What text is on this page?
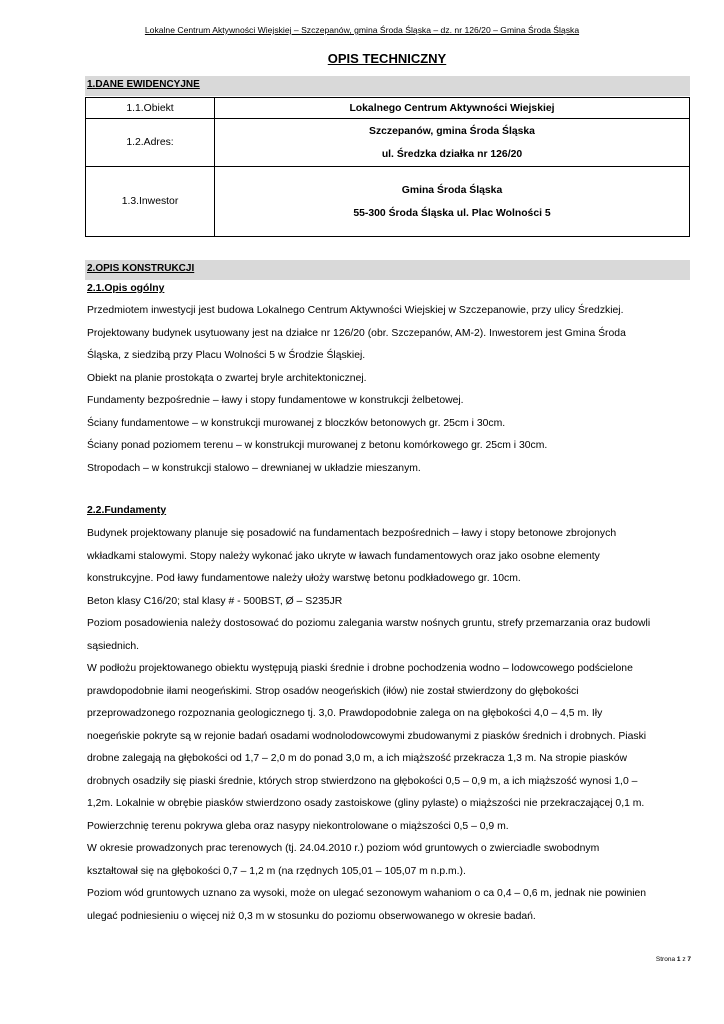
Lokalne Centrum Aktywności Wiejskiej – Szczepanów, gmina Środa Śląska – dz. nr 126/20 – Gmina Środa Śląska
OPIS TECHNICZNY
1.DANE EWIDENCYJNE
1.1.Obiekt	Lokalnego Centrum Aktywności Wiejskiej

1.2.Adres:	Szczepanów, gmina Środa Śląska
ul. Średzka działka nr 126/20

1.3.Inwestor	Gmina Środa Śląska
55-300 Środa Śląska ul. Plac Wolności 5
2.OPIS KONSTRUKCJI
2.1.Opis ogólny

Przedmiotem inwestycji jest budowa Lokalnego Centrum Aktywności Wiejskiej w Szczepanowie, przy ulicy Średzkiej.

Projektowany budynek usytuowany jest na działce nr 126/20 (obr. Szczepanów, AM-2). Inwestorem jest Gmina Środa

Śląska, z siedzibą przy Placu Wolności 5 w Środzie Śląskiej.

Obiekt na planie prostokąta o zwartej bryle architektonicznej.

Fundamenty bezpośrednie – ławy i stopy fundamentowe w konstrukcji żelbetowej.

Ściany fundamentowe – w konstrukcji murowanej z bloczków betonowych gr. 25cm i 30cm.

Ściany ponad poziomem terenu – w konstrukcji murowanej z betonu komórkowego gr. 25cm i 30cm.

Stropodach – w konstrukcji stalowo – drewnianej w układzie mieszanym.

2.2.Fundamenty

Budynek projektowany planuje się posadowić na fundamentach bezpośrednich – ławy i stopy betonowe zbrojonych

wkładkami stalowymi. Stopy należy wykonać jako ukryte w ławach fundamentowych oraz jako osobne elementy

konstrukcyjne. Pod ławy fundamentowe należy ułoży warstwę betonu podkładowego gr. 10cm.

Beton klasy C16/20; stal klasy # - 500BST, Ø – S235JR

Poziom posadowienia należy dostosować do poziomu zalegania warstw nośnych gruntu, strefy przemarzania oraz budowli

sąsiednich.

W podłożu projektowanego obiektu występują piaski średnie i drobne pochodzenia wodno – lodowcowego podścielone

prawdopodobnie iłami neogeńskimi. Strop osadów neogeńskich (iłów) nie został stwierdzony do głębokości

przeprowadzonego rozpoznania geologicznego tj. 3,0. Prawdopodobnie zalega on na głębokości 4,0 – 4,5 m. Iły

noegeńskie pokryte są w rejonie badań osadami wodnolodowcowymi zbudowanymi z piasków średnich i drobnych. Piaski

drobne zalegają na głębokości od 1,7 – 2,0 m do ponad 3,0 m, a ich miąższość przekracza 1,3 m. Na stropie piasków

drobnych osadziły się piaski średnie, których strop stwierdzono na głębokości 0,5 – 0,9 m, a ich miąższość wynosi 1,0 –

1,2m. Lokalnie w obrębie piasków stwierdzono osady zastoiskowe (gliny pylaste) o miąższości nie przekraczającej 0,1 m.

Powierzchnię terenu pokrywa gleba oraz nasypy niekontrolowane o miąższości 0,5 – 0,9 m.

W okresie prowadzonych prac terenowych (tj. 24.04.2010 r.) poziom wód gruntowych o zwierciadle swobodnym

kształtował się na głębokości 0,7 – 1,2 m (na rzędnych 105,01 – 105,07 m n.p.m.).

Poziom wód gruntowych uznano za wysoki, może on ulegać sezonowym wahaniom o ca 0,4 – 0,6 m, jednak nie powinien

ulegać podniesieniu o więcej niż 0,3 m w stosunku do poziomu obserwowanego w okresie badań.

Strona 1 z 7
